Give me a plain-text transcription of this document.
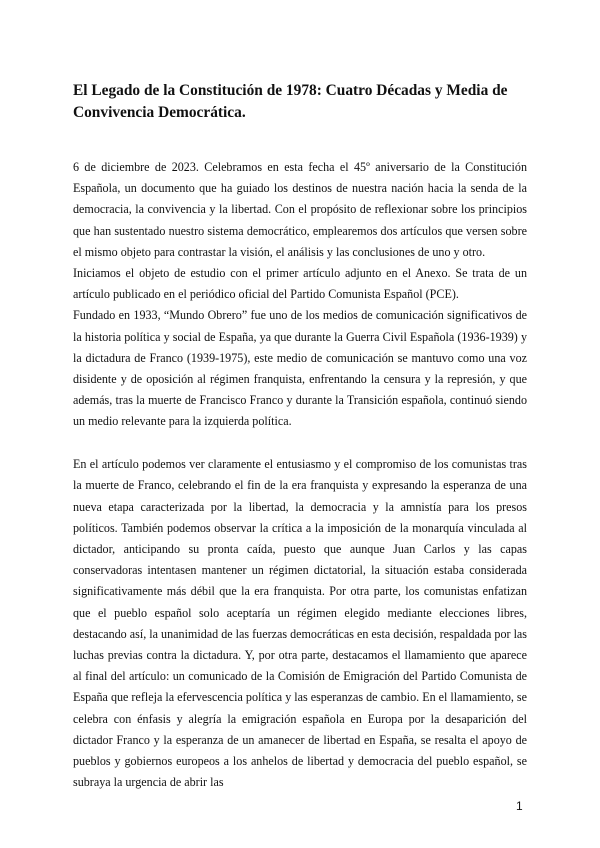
El Legado de la Constitución de 1978: Cuatro Décadas y Media de Convivencia Democrática.

6 de diciembre de 2023. Celebramos en esta fecha el 45º aniversario de la Constitución Española, un documento que ha guiado los destinos de nuestra nación hacia la senda de la democracia, la convivencia y la libertad. Con el propósito de reflexionar sobre los principios que han sustentado nuestro sistema democrático, emplearemos dos artículos que versen sobre el mismo objeto para contrastar la visión, el análisis y las conclusiones de uno y otro.

Iniciamos el objeto de estudio con el primer artículo adjunto en el Anexo. Se trata de un artículo publicado en el periódico oficial del Partido Comunista Español (PCE).

Fundado en 1933, “Mundo Obrero” fue uno de los medios de comunicación significativos de la historia política y social de España, ya que durante la Guerra Civil Española (1936-1939) y la dictadura de Franco (1939-1975), este medio de comunicación se mantuvo como una voz disidente y de oposición al régimen franquista, enfrentando la censura y la represión, y que además, tras la muerte de Francisco Franco y durante la Transición española, continuó siendo un medio relevante para la izquierda política.

En el artículo podemos ver claramente el entusiasmo y el compromiso de los comunistas tras la muerte de Franco, celebrando el fin de la era franquista y expresando la esperanza de una nueva etapa caracterizada por la libertad, la democracia y la amnistía para los presos políticos. También podemos observar la crítica a la imposición de la monarquía vinculada al dictador, anticipando su pronta caída, puesto que aunque Juan Carlos y las capas conservadoras intentasen mantener un régimen dictatorial, la situación estaba considerada significativamente más débil que la era franquista. Por otra parte, los comunistas enfatizan que el pueblo español solo aceptaría un régimen elegido mediante elecciones libres, destacando así, la unanimidad de las fuerzas democráticas en esta decisión, respaldada por las luchas previas contra la dictadura. Y, por otra parte, destacamos el llamamiento que aparece al final del artículo: un comunicado de la Comisión de Emigración del Partido Comunista de España que refleja la efervescencia política y las esperanzas de cambio. En el llamamiento, se celebra con énfasis y alegría la emigración española en Europa por la desaparición del dictador Franco y la esperanza de un amanecer de libertad en España, se resalta el apoyo de pueblos y gobiernos europeos a los anhelos de libertad y democracia del pueblo español, se subraya la urgencia de abrir las

1
